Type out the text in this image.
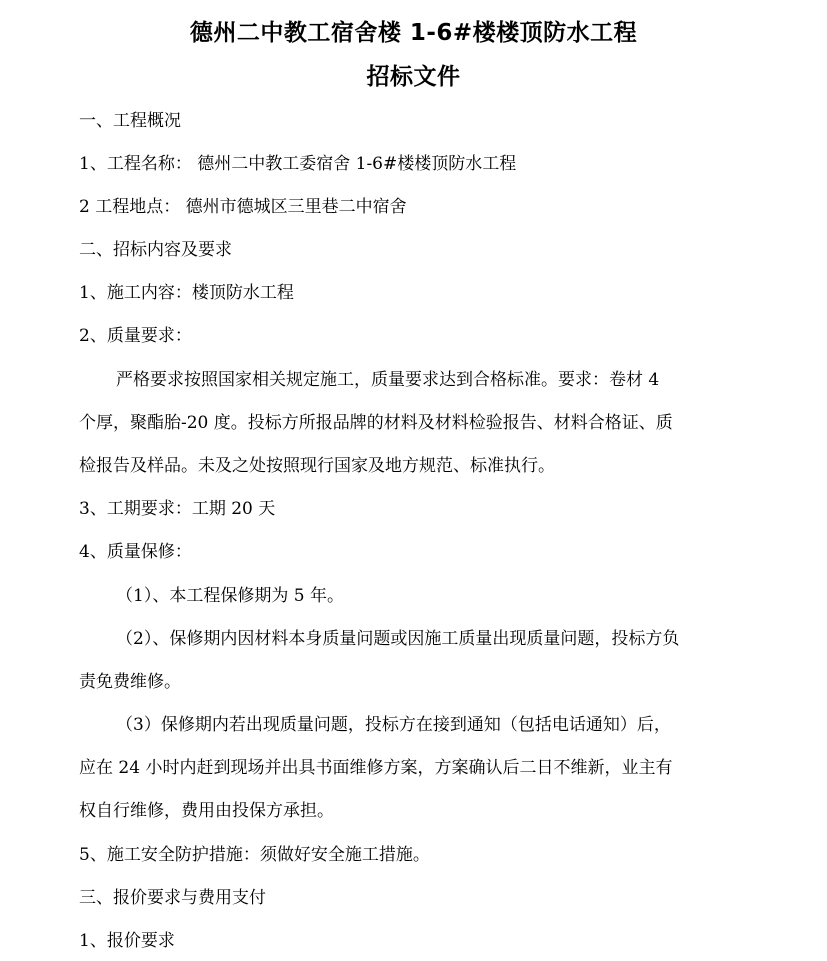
德州二中教工宿舍楼 1-6#楼楼顶防水工程
招标文件
一、工程概况
1、工程名称： 德州二中教工委宿舍 1-6#楼楼顶防水工程
2 工程地点： 德州市德城区三里巷二中宿舍
二、招标内容及要求
1、施工内容：楼顶防水工程
2、质量要求：
严格要求按照国家相关规定施工，质量要求达到合格标准。要求：卷材 4
个厚，聚酯胎-20 度。投标方所报品牌的材料及材料检验报告、材料合格证、质
检报告及样品。未及之处按照现行国家及地方规范、标准执行。
3、工期要求：工期 20 天
4、质量保修：
（1）、本工程保修期为 5 年。
（2）、保修期内因材料本身质量问题或因施工质量出现质量问题，投标方负
责免费维修。
（3）保修期内若出现质量问题，投标方在接到通知（包括电话通知）后，
应在 24 小时内赶到现场并出具书面维修方案，方案确认后二日不维新，业主有
权自行维修，费用由投保方承担。
5、施工安全防护措施：须做好安全施工措施。
三、报价要求与费用支付
1、报价要求
